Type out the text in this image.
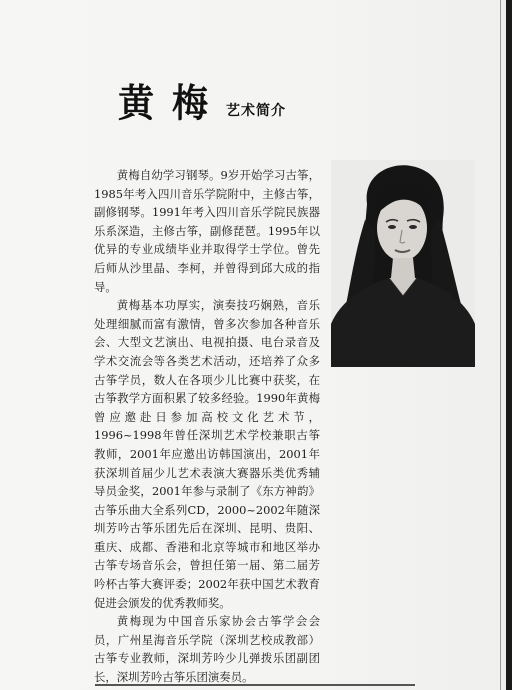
黄梅 艺术简介

黄梅自幼学习钢琴。9岁开始学习古筝，1985年考入四川音乐学院附中，主修古筝，副修钢琴。1991年考入四川音乐学院民族器乐系深造，主修古筝，副修琵琶。1995年以优异的专业成绩毕业并取得学士学位。曾先后师从沙里晶、李柯，并曾得到邱大成的指导。

黄梅基本功厚实，演奏技巧娴熟，音乐处理细腻而富有激情，曾多次参加各种音乐会、大型文艺演出、电视拍摄、电台录音及学术交流会等各类艺术活动，还培养了众多古筝学员，数人在各项少儿比赛中获奖，在古筝教学方面积累了较多经验。1990年黄梅曾应邀赴日参加高校文化艺术节，1996~1998年曾任深圳艺术学校兼职古筝教师，2001年应邀出访韩国演出，2001年获深圳首届少儿艺术表演大赛器乐类优秀辅导员金奖，2001年参与录制了《东方神韵》古筝乐曲大全系列CD，2000~2002年随深圳芳吟古筝乐团先后在深圳、昆明、贵阳、重庆、成都、香港和北京等城市和地区举办古筝专场音乐会，曾担任第一届、第二届芳吟杯古筝大赛评委；2002年获中国艺术教育促进会颁发的优秀教师奖。

黄梅现为中国音乐家协会古筝学会会员，广州星海音乐学院（深圳艺校成教部）古筝专业教师，深圳芳吟少儿弹拨乐团副团长，深圳芳吟古筝乐团演奏员。
